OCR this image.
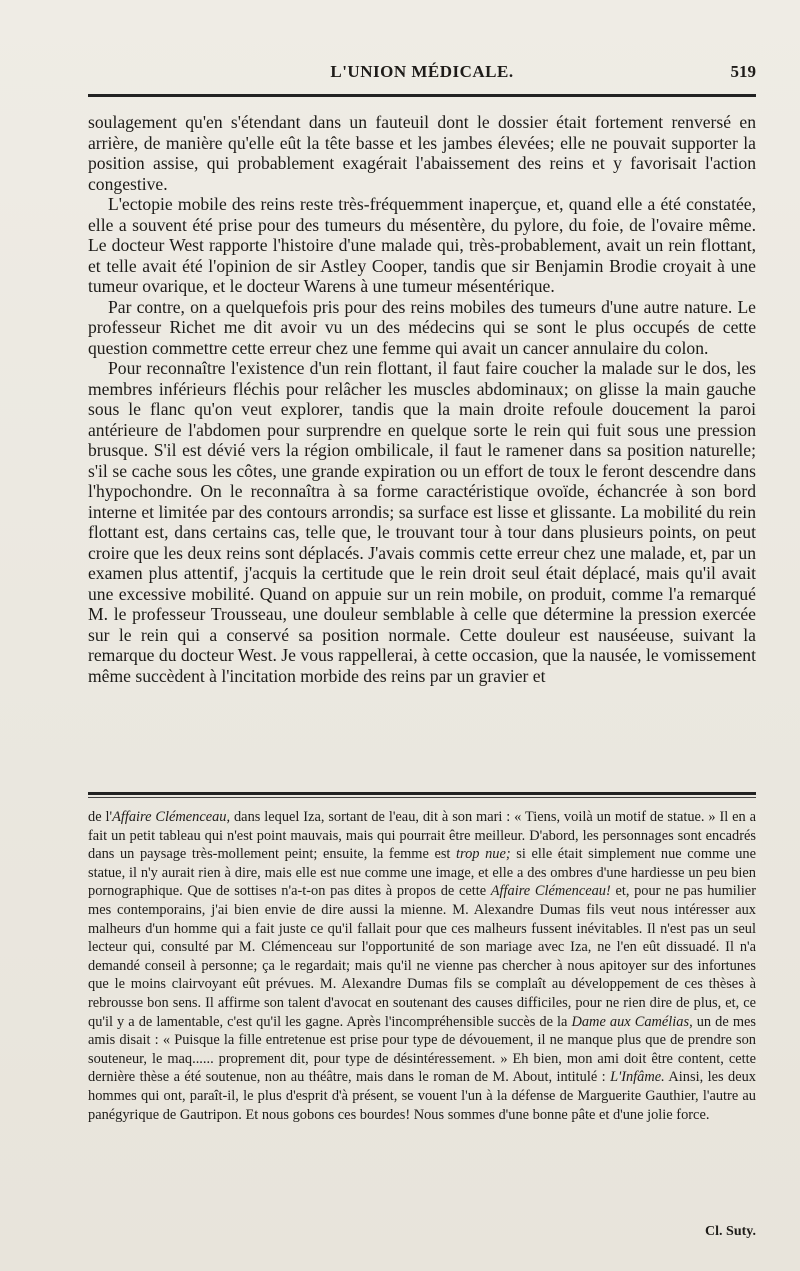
L'UNION MÉDICALE.	519

soulagement qu'en s'étendant dans un fauteuil dont le dossier était fortement renversé en arrière, de manière qu'elle eût la tête basse et les jambes élevées; elle ne pouvait supporter la position assise, qui probablement exagérait l'abaissement des reins et y favorisait l'action congestive.

L'ectopie mobile des reins reste très-fréquemment inaperçue, et, quand elle a été constatée, elle a souvent été prise pour des tumeurs du mésentère, du pylore, du foie, de l'ovaire même. Le docteur West rapporte l'histoire d'une malade qui, très-probablement, avait un rein flottant, et telle avait été l'opinion de sir Astley Cooper, tandis que sir Benjamin Brodie croyait à une tumeur ovarique, et le docteur Warens à une tumeur mésentérique.

Par contre, on a quelquefois pris pour des reins mobiles des tumeurs d'une autre nature. Le professeur Richet me dit avoir vu un des médecins qui se sont le plus occupés de cette question commettre cette erreur chez une femme qui avait un cancer annulaire du colon.

Pour reconnaître l'existence d'un rein flottant, il faut faire coucher la malade sur le dos, les membres inférieurs fléchis pour relâcher les muscles abdominaux; on glisse la main gauche sous le flanc qu'on veut explorer, tandis que la main droite refoule doucement la paroi antérieure de l'abdomen pour surprendre en quelque sorte le rein qui fuit sous une pression brusque. S'il est dévié vers la région ombilicale, il faut le ramener dans sa position naturelle; s'il se cache sous les côtes, une grande expiration ou un effort de toux le feront descendre dans l'hypochondre. On le reconnaîtra à sa forme caractéristique ovoïde, échancrée à son bord interne et limitée par des contours arrondis; sa surface est lisse et glissante. La mobilité du rein flottant est, dans certains cas, telle que, le trouvant tour à tour dans plusieurs points, on peut croire que les deux reins sont déplacés. J'avais commis cette erreur chez une malade, et, par un examen plus attentif, j'acquis la certitude que le rein droit seul était déplacé, mais qu'il avait une excessive mobilité. Quand on appuie sur un rein mobile, on produit, comme l'a remarqué M. le professeur Trousseau, une douleur semblable à celle que détermine la pression exercée sur le rein qui a conservé sa position normale. Cette douleur est nauséeuse, suivant la remarque du docteur West. Je vous rappellerai, à cette occasion, que la nausée, le vomissement même succèdent à l'incitation morbide des reins par un gravier et

de l'Affaire Clémenceau, dans lequel Iza, sortant de l'eau, dit à son mari : « Tiens, voilà un motif de statue. » Il en a fait un petit tableau qui n'est point mauvais, mais qui pourrait être meilleur. D'abord, les personnages sont encadrés dans un paysage très-mollement peint; ensuite, la femme est trop nue; si elle était simplement nue comme une statue, il n'y aurait rien à dire, mais elle est nue comme une image, et elle a des ombres d'une hardiesse un peu bien pornographique. Que de sottises n'a-t-on pas dites à propos de cette Affaire Clémenceau! et, pour ne pas humilier mes contemporains, j'ai bien envie de dire aussi la mienne. M. Alexandre Dumas fils veut nous intéresser aux malheurs d'un homme qui a fait juste ce qu'il fallait pour que ces malheurs fussent inévitables. Il n'est pas un seul lecteur qui, consulté par M. Clémenceau sur l'opportunité de son mariage avec Iza, ne l'en eût dissuadé. Il n'a demandé conseil à personne; ça le regardait; mais qu'il ne vienne pas chercher à nous apitoyer sur des infortunes que le moins clairvoyant eût prévues. M. Alexandre Dumas fils se complaît au développement de ces thèses à rebrousse bon sens. Il affirme son talent d'avocat en soutenant des causes difficiles, pour ne rien dire de plus, et, ce qu'il y a de lamentable, c'est qu'il les gagne. Après l'incompréhensible succès de la Dame aux Camélias, un de mes amis disait : « Puisque la fille entretenue est prise pour type de dévouement, il ne manque plus que de prendre son souteneur, le maq...... proprement dit, pour type de désintéressement. » Eh bien, mon ami doit être content, cette dernière thèse a été soutenue, non au théâtre, mais dans le roman de M. About, intitulé : L'Infâme. Ainsi, les deux hommes qui ont, paraît-il, le plus d'esprit d'à présent, se vouent l'un à la défense de Marguerite Gauthier, l'autre au panégyrique de Gautripon. Et nous gobons ces bourdes! Nous sommes d'une bonne pâte et d'une jolie force.

Cl. Suty.
